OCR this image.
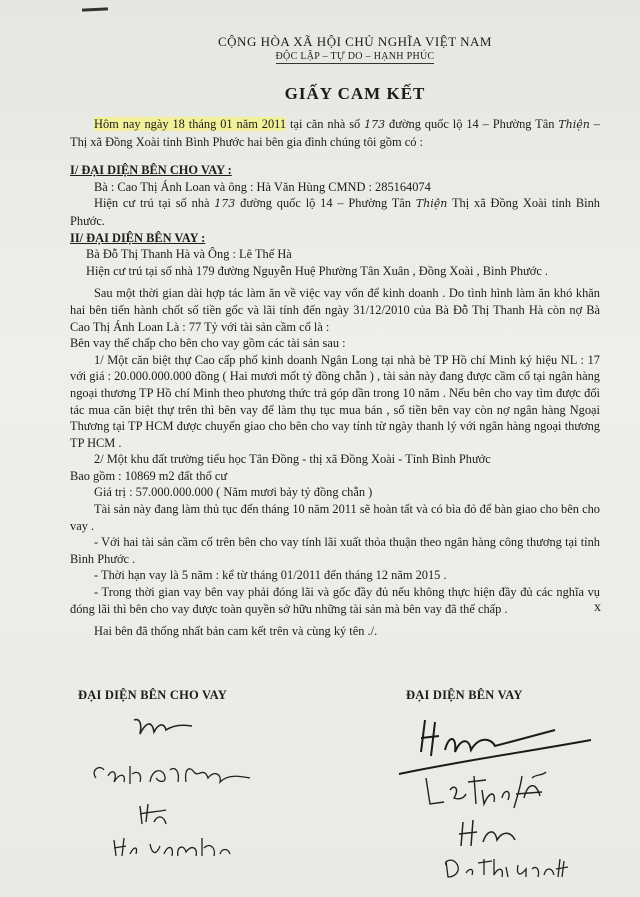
CỘNG HÒA XÃ HỘI CHỦ NGHĨA VIỆT NAM
ĐỘC LẬP – TỰ DO – HẠNH PHÚC
GIẤY CAM KẾT

Hôm nay ngày 18 tháng 01 năm 2011 tại căn nhà số 173 đường quốc lộ 14 – Phường Tân Thiện – Thị xã Đồng Xoài tỉnh Bình Phước hai bên gia đình chúng tôi gồm có :

I/ ĐẠI DIỆN BÊN CHO VAY :

Bà : Cao Thị Ánh Loan và ông : Hà Văn Hùng CMND : 285164074

Hiện cư trú tại số nhà 173 đường quốc lộ 14 – Phường Tân Thiện Thị xã Đồng Xoài tỉnh Bình Phước.

II/ ĐẠI DIỆN BÊN VAY :

Bà Đỗ Thị Thanh Hà và Ông : Lê Thế Hà

Hiện cư trú tại số nhà 179 đường Nguyễn Huệ Phường Tân Xuân , Đồng Xoài , Bình Phước .

Sau một thời gian dài hợp tác làm ăn về việc vay vốn để kinh doanh . Do tình hình làm ăn khó khăn hai bên tiến hành chốt số tiền gốc và lãi tính đến ngày 31/12/2010 của Bà Đỗ Thị Thanh Hà còn nợ Bà Cao Thị Ánh Loan Là : 77 Tỷ với tài sản cầm cố là :

Bên vay thế chấp cho bên cho vay gồm các tài sản sau :

1/ Một căn biệt thự Cao cấp phố kinh doanh Ngân Long tại nhà bè TP Hồ chí Minh ký hiệu NL : 17 với giá : 20.000.000.000 đồng ( Hai mươi mốt tỷ đồng chẵn ) , tài sản này đang được cầm cố tại ngân hàng ngoại thương TP Hồ chí Minh theo phương thức trả góp dần trong 10 năm . Nếu bên cho vay tìm được đối tác mua căn biệt thự trên thì bên vay để làm thụ tục mua bán , số tiền bên vay còn nợ ngân hàng Ngoại Thương tại TP HCM được chuyển giao cho bên cho vay tính từ ngày thanh lý với ngân hàng ngoại thương TP HCM .

2/ Một khu đất trường tiểu học Tân Đồng - thị xã Đồng Xoài - Tỉnh Bình Phước

Bao gồm : 10869 m2 đất thổ cư

Giá trị : 57.000.000.000 ( Năm mươi bảy tỷ đồng chẵn )

Tài sản này đang làm thủ tục đến tháng 10 năm 2011 sẽ hoàn tất và có bìa đỏ để bàn giao cho bên cho vay .

- Với hai tài sản cầm cố trên bên cho vay tính lãi xuất thỏa thuận theo ngân hàng công thương tại tỉnh Bình Phước .

- Thời hạn vay là 5 năm : kể từ tháng 01/2011 đến tháng 12 năm 2015 .

- Trong thời gian vay bên vay phải đóng lãi và gốc đầy đủ nếu không thực hiện đầy đủ các nghĩa vụ đóng lãi thì bên cho vay được toàn quyền sở hữu những tài sản mà bên vay đã thế chấp .

Hai bên đã thống nhất bản cam kết trên và cùng ký tên ./.

x
ĐẠI DIỆN BÊN CHO VAY	ĐẠI DIỆN BÊN VAY
